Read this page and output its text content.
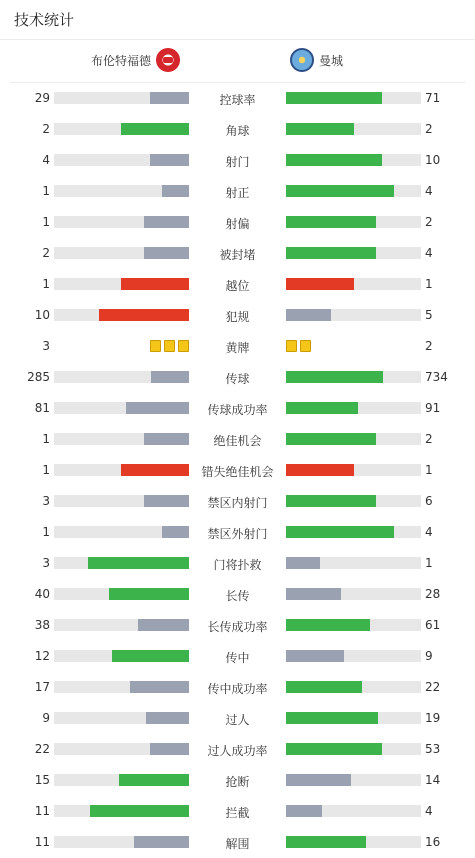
技术统计
布伦特福德	曼城
29	控球率	71
2	角球	2
4	射门	10
1	射正	4
1	射偏	2
2	被封堵	4
1	越位	1
10	犯规	5
3	黄牌	2
285	传球	734
81	传球成功率	91
1	绝佳机会	2
1	错失绝佳机会	1
3	禁区内射门	6
1	禁区外射门	4
3	门将扑救	1
40	长传	28
38	长传成功率	61
12	传中	9
17	传中成功率	22
9	过人	19
22	过人成功率	53
15	抢断	14
11	拦截	4
11	解围	16
